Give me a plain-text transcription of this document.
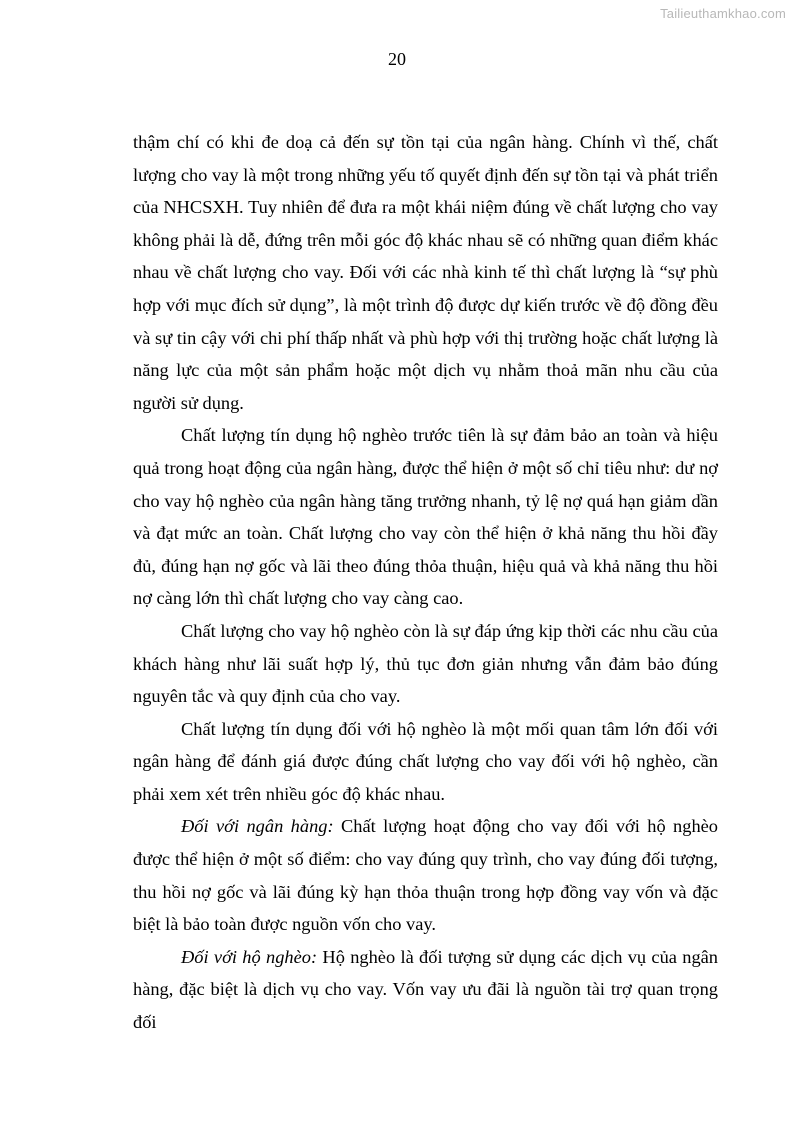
Tailieuthamkhao.com
20

thậm chí có khi đe doạ cả đến sự tồn tại của ngân hàng. Chính vì thế, chất lượng cho vay là một trong những yếu tố quyết định đến sự tồn tại và phát triển của NHCSXH. Tuy nhiên để đưa ra một khái niệm đúng về chất lượng cho vay không phải là dễ, đứng trên mỗi góc độ khác nhau sẽ có những quan điểm khác nhau về chất lượng cho vay. Đối với các nhà kinh tế thì chất lượng là “sự phù hợp với mục đích sử dụng”, là một trình độ được dự kiến trước về độ đồng đều và sự tin cậy với chi phí thấp nhất và phù hợp với thị trường hoặc chất lượng là năng lực của một sản phẩm hoặc một dịch vụ nhằm thoả mãn nhu cầu của người sử dụng.

Chất lượng tín dụng hộ nghèo trước tiên là sự đảm bảo an toàn và hiệu quả trong hoạt động của ngân hàng, được thể hiện ở một số chỉ tiêu như: dư nợ cho vay hộ nghèo của ngân hàng tăng trưởng nhanh, tỷ lệ nợ quá hạn giảm dần và đạt mức an toàn. Chất lượng cho vay còn thể hiện ở khả năng thu hồi đầy đủ, đúng hạn nợ gốc và lãi theo đúng thỏa thuận, hiệu quả và khả năng thu hồi nợ càng lớn thì chất lượng cho vay càng cao.

Chất lượng cho vay hộ nghèo còn là sự đáp ứng kịp thời các nhu cầu của khách hàng như lãi suất hợp lý, thủ tục đơn giản nhưng vẫn đảm bảo đúng nguyên tắc và quy định của cho vay.

Chất lượng tín dụng đối với hộ nghèo là một mối quan tâm lớn đối với ngân hàng để đánh giá được đúng chất lượng cho vay đối với hộ nghèo, cần phải xem xét trên nhiều góc độ khác nhau.

Đối với ngân hàng: Chất lượng hoạt động cho vay đối với hộ nghèo được thể hiện ở một số điểm: cho vay đúng quy trình, cho vay đúng đối tượng, thu hồi nợ gốc và lãi đúng kỳ hạn thỏa thuận trong hợp đồng vay vốn và đặc biệt là bảo toàn được nguồn vốn cho vay.

Đối với hộ nghèo: Hộ nghèo là đối tượng sử dụng các dịch vụ của ngân hàng, đặc biệt là dịch vụ cho vay. Vốn vay ưu đãi là nguồn tài trợ quan trọng đối
